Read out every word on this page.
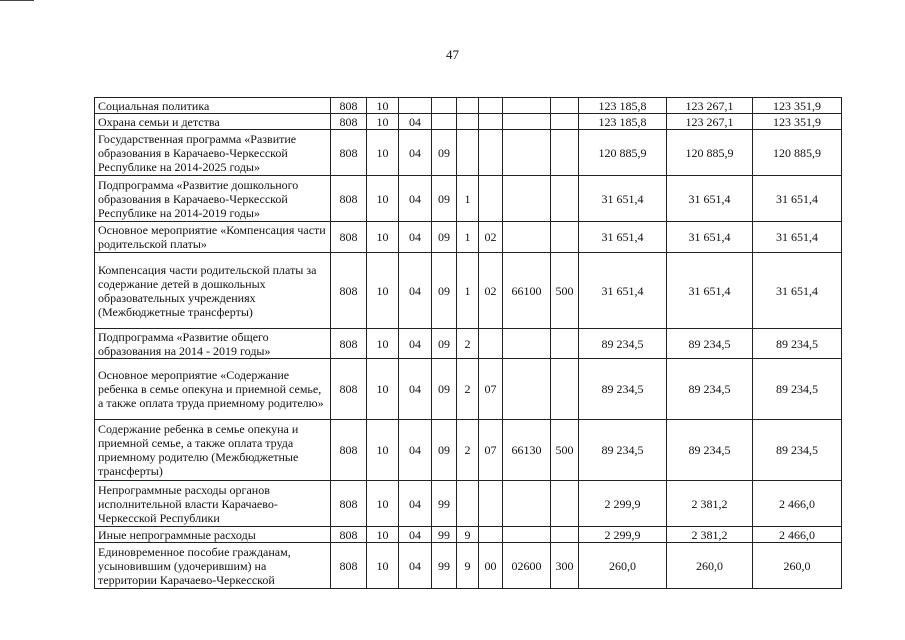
47
Социальная политика	808	10							123 185,8	123 267,1	123 351,9
Охрана семьи и детства	808	10	04						123 185,8	123 267,1	123 351,9
Государственная программа «Развитие образования в Карачаево-Черкесской Республике на 2014-2025 годы»	808	10	04	09					120 885,9	120 885,9	120 885,9
Подпрограмма «Развитие дошкольного образования в Карачаево-Черкесской Республике на 2014-2019 годы»	808	10	04	09	1				31 651,4	31 651,4	31 651,4
Основное мероприятие «Компенсация части родительской платы»	808	10	04	09	1	02			31 651,4	31 651,4	31 651,4
Компенсация части родительской платы за содержание детей в дошкольных образовательных учреждениях (Межбюджетные трансферты)	808	10	04	09	1	02	66100	500	31 651,4	31 651,4	31 651,4
Подпрограмма «Развитие общего образования на 2014 - 2019 годы»	808	10	04	09	2				89 234,5	89 234,5	89 234,5
Основное мероприятие «Содержание ребенка в семье опекуна и приемной семье, а также оплата труда приемному родителю»	808	10	04	09	2	07			89 234,5	89 234,5	89 234,5
Содержание ребенка в семье опекуна и приемной семье, а также оплата труда приемному родителю (Межбюджетные трансферты)	808	10	04	09	2	07	66130	500	89 234,5	89 234,5	89 234,5
Непрограммные расходы органов исполнительной власти Карачаево-Черкесской Республики	808	10	04	99					2 299,9	2 381,2	2 466,0
Иные непрограммные расходы	808	10	04	99	9				2 299,9	2 381,2	2 466,0
Единовременное пособие гражданам, усыновившим (удочерившим) на территории Карачаево-Черкесской	808	10	04	99	9	00	02600	300	260,0	260,0	260,0
